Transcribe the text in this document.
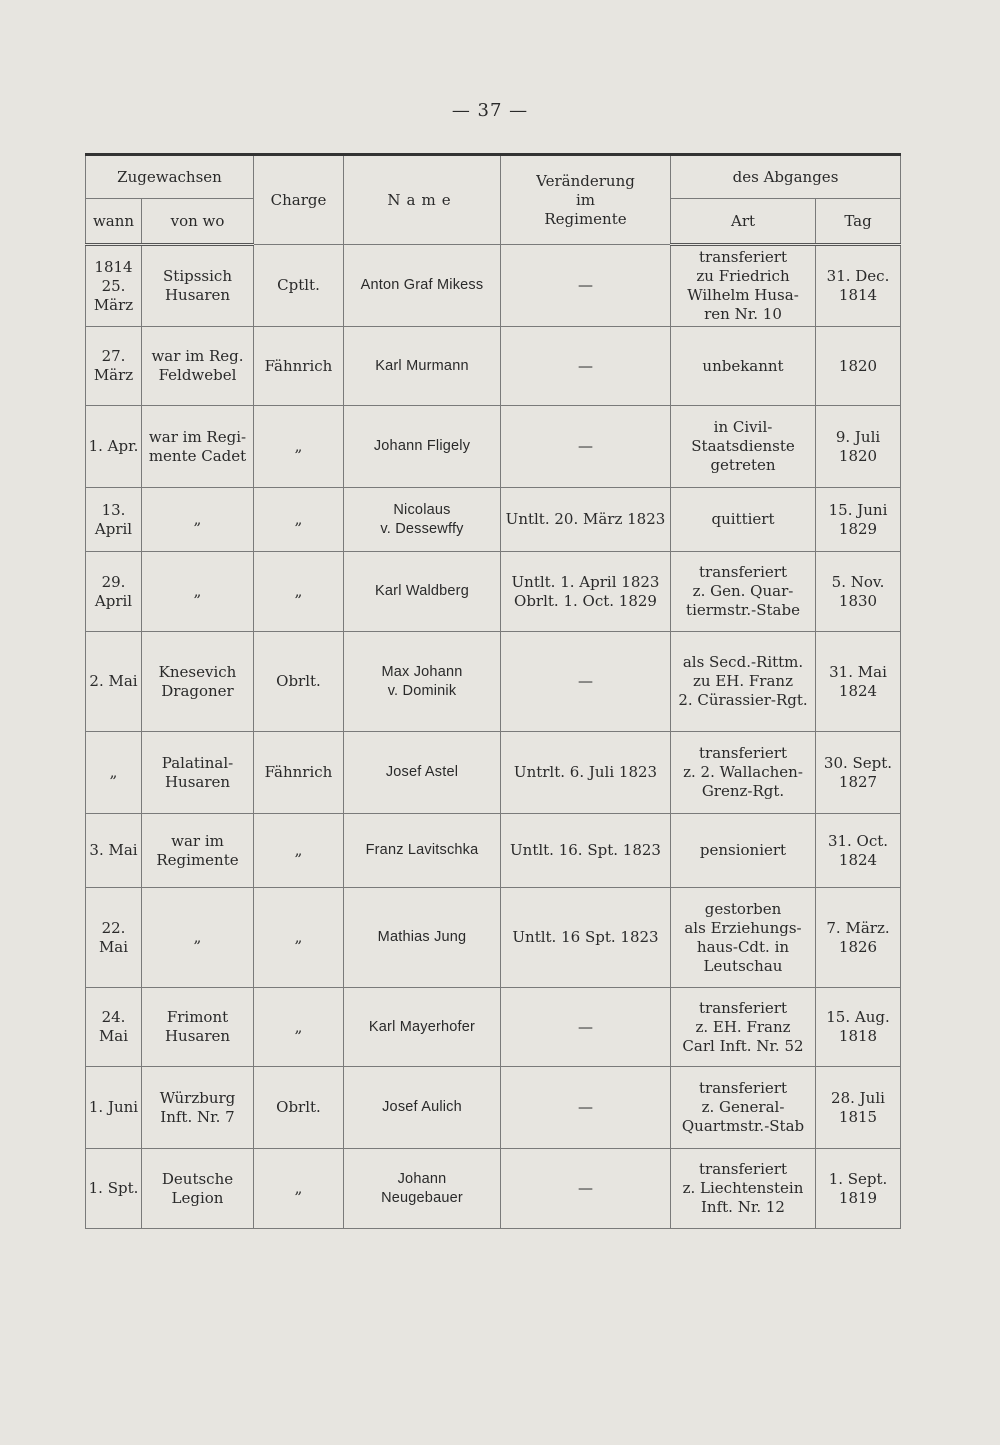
— 37 —
Zugewachsen		Charge	Name	Veränderung
im
Regimente	des Abganges	
wann	von wo				Art	Tag

1814
25.
März	Stipssich
Husaren	Cptlt.	Anton Graf Mikess	—	transferiert
zu Friedrich
Wilhelm Husa-
ren Nr. 10	31. Dec.
1814

27.
März	war im Reg.
Feldwebel	Fähnrich	Karl Murmann	—	unbekannt	1820

1. Apr.	war im Regi-
mente Cadet	„	Johann Fligely	—	in Civil-
Staatsdienste
getreten	9. Juli
1820

13.
April	„	„	Nicolaus
v. Dessewffy	Untlt. 20. März 1823	quittiert	15. Juni
1829

29.
April	„	„	Karl Waldberg	Untlt. 1. April 1823
Obrlt. 1. Oct. 1829	transferiert
z. Gen. Quar-
tiermstr.-Stabe	5. Nov.
1830

2. Mai	Knesevich
Dragoner	Obrlt.	Max Johann
v. Dominik	—	als Secd.-Rittm.
zu EH. Franz
2. Cürassier-Rgt.	31. Mai
1824

„	Palatinal-
Husaren	Fähnrich	Josef Astel	Untrlt. 6. Juli 1823	transferiert
z. 2. Wallachen-
Grenz-Rgt.	30. Sept.
1827

3. Mai	war im
Regimente	„	Franz Lavitschka	Untlt. 16. Spt. 1823	pensioniert	31. Oct.
1824

22. Mai	„	„	Mathias Jung	Untlt. 16 Spt. 1823	gestorben
als Erziehungs-
haus-Cdt. in
Leutschau	7. März.
1826

24. Mai	Frimont
Husaren	„	Karl Mayerhofer	—	transferiert
z. EH. Franz
Carl Inft. Nr. 52	15. Aug.
1818

1. Juni	Würzburg
Inft. Nr. 7	Obrlt.	Josef Aulich	—	transferiert
z. General-
Quartmstr.-Stab	28. Juli
1815

1. Spt.	Deutsche
Legion	„	Johann
Neugebauer	—	transferiert
z. Liechtenstein
Inft. Nr. 12	1. Sept.
1819
